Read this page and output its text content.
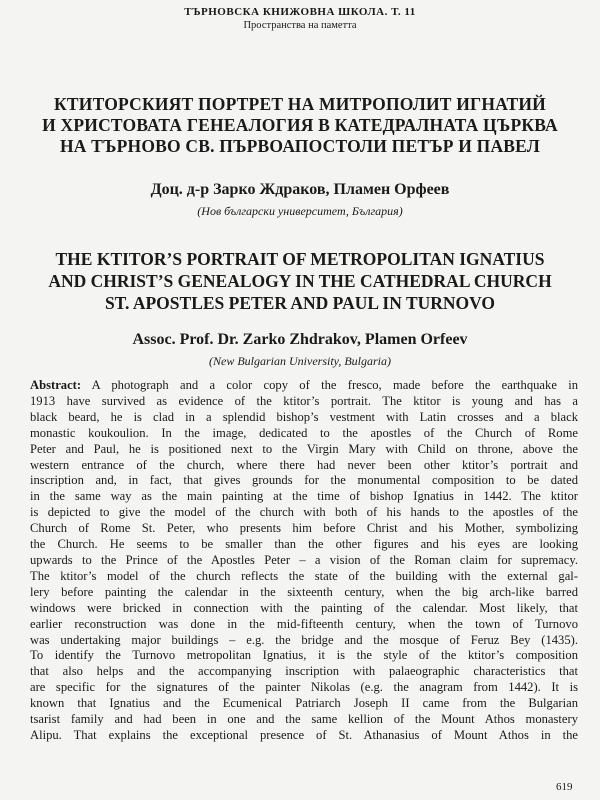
ТЪРНОВСКА КНИЖОВНА ШКОЛА. Т. 11
Пространства на паметта
КТИТОРСКИЯТ ПОРТРЕТ НА МИТРОПОЛИТ ИГНАТИЙ
И ХРИСТОВАТА ГЕНЕАЛОГИЯ В КАТЕДРАЛНАТА ЦЪРКВА
НА ТЪРНОВО СВ. ПЪРВОАПОСТОЛИ ПЕТЪР И ПАВЕЛ
Доц. д-р Зарко Ждраков, Пламен Орфеев
(Нов български университет, България)
THE KTITOR’S PORTRAIT OF METROPOLITAN IGNATIUS
AND CHRIST’S GENEALOGY IN THE CATHEDRAL CHURCH
ST. APOSTLES PETER AND PAUL IN TURNOVO
Assoc. Prof. Dr. Zarko Zhdrakov, Plamen Orfeev
(New Bulgarian University, Bulgaria)
Abstract: A photograph and a color copy of the fresco, made before the earthquake in
1913 have survived as evidence of the ktitor’s portrait. The ktitor is young and has a
black beard, he is clad in a splendid bishop’s vestment with Latin crosses and a black
monastic koukoulion. In the image, dedicated to the apostles of the Church of Rome
Peter and Paul, he is positioned next to the Virgin Mary with Child on throne, above the
western entrance of the church, where there had never been other ktitor’s portrait and
inscription and, in fact, that gives grounds for the monumental composition to be dated
in the same way as the main painting at the time of bishop Ignatius in 1442. The ktitor
is depicted to give the model of the church with both of his hands to the apostles of the
Church of Rome St. Peter, who presents him before Christ and his Mother, symbolizing
the Church. He seems to be smaller than the other figures and his eyes are looking
upwards to the Prince of the Apostles Peter – a vision of the Roman claim for supremacy.
The ktitor’s model of the church reflects the state of the building with the external gal-
lery before painting the calendar in the sixteenth century, when the big arch-like barred
windows were bricked in connection with the painting of the calendar. Most likely, that
earlier reconstruction was done in the mid-fifteenth century, when the town of Turnovo
was undertaking major buildings – e.g. the bridge and the mosque of Feruz Bey (1435).
To identify the Turnovo metropolitan Ignatius, it is the style of the ktitor’s composition
that also helps and the accompanying inscription with palaeographic characteristics that
are specific for the signatures of the painter Nikolas (e.g. the anagram from 1442). It is
known that Ignatius and the Ecumenical Patriarch Joseph II came from the Bulgarian
tsarist family and had been in one and the same kellion of the Mount Athos monastery
Alipu. That explains the exceptional presence of St. Athanasius of Mount Athos in the
619
